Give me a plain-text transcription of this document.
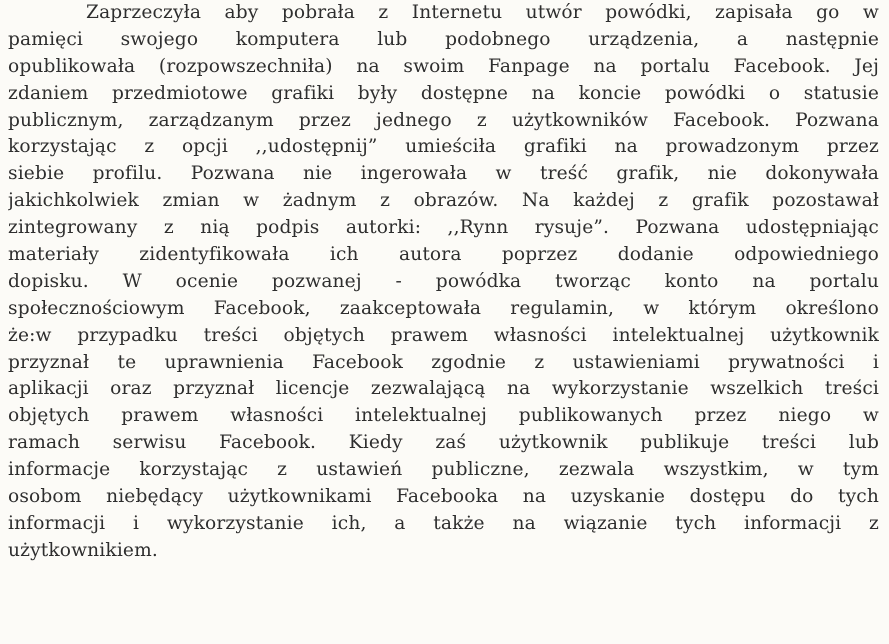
Zaprzeczyła aby pobrała z Internetu utwór powódki, zapisała go w
pamięci swojego komputera lub podobnego urządzenia, a następnie
opublikowała (rozpowszechniła) na swoim Fanpage na portalu Facebook. Jej
zdaniem przedmiotowe grafiki były dostępne na koncie powódki o statusie
publicznym, zarządzanym przez jednego z użytkowników Facebook. Pozwana
korzystając z opcji ,,udostępnij” umieściła grafiki na prowadzonym przez
siebie profilu. Pozwana nie ingerowała w treść grafik, nie dokonywała
jakichkolwiek zmian w żadnym z obrazów. Na każdej z grafik pozostawał
zintegrowany z nią podpis autorki: ,,Rynn rysuje”. Pozwana udostępniając
materiały zidentyfikowała ich autora poprzez dodanie odpowiedniego
dopisku. W ocenie pozwanej - powódka tworząc konto na portalu
społecznościowym Facebook, zaakceptowała regulamin, w którym określono
że:w przypadku treści objętych prawem własności intelektualnej użytkownik
przyznał te uprawnienia Facebook zgodnie z ustawieniami prywatności i
aplikacji oraz przyznał licencje zezwalającą na wykorzystanie wszelkich treści
objętych prawem własności intelektualnej publikowanych przez niego w
ramach serwisu Facebook. Kiedy zaś użytkownik publikuje treści lub
informacje korzystając z ustawień publiczne, zezwala wszystkim, w tym
osobom niebędący użytkownikami Facebooka na uzyskanie dostępu do tych
informacji i wykorzystanie ich, a także na wiązanie tych informacji z
użytkownikiem.
